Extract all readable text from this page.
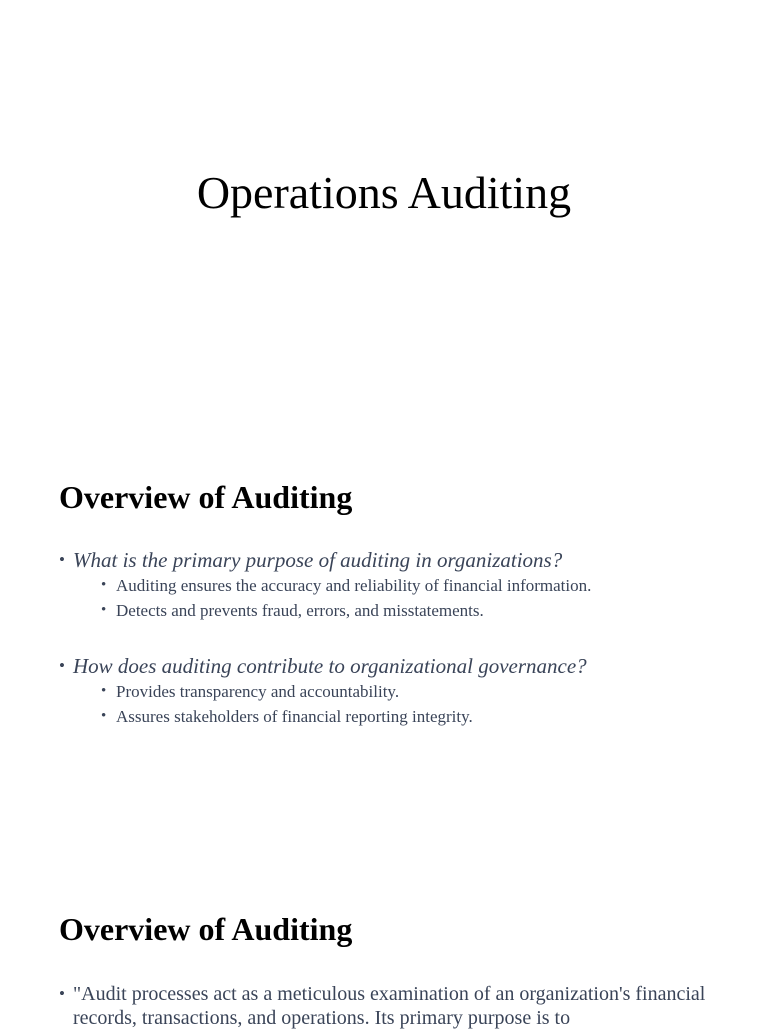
Operations Auditing
Overview of Auditing
• What is the primary purpose of auditing in organizations?
• Auditing ensures the accuracy and reliability of financial information.
• Detects and prevents fraud, errors, and misstatements.
• How does auditing contribute to organizational governance?
• Provides transparency and accountability.
• Assures stakeholders of financial reporting integrity.
Overview of Auditing
• "Audit processes act as a meticulous examination of an organization's financial records, transactions, and operations. Its primary purpose is to
